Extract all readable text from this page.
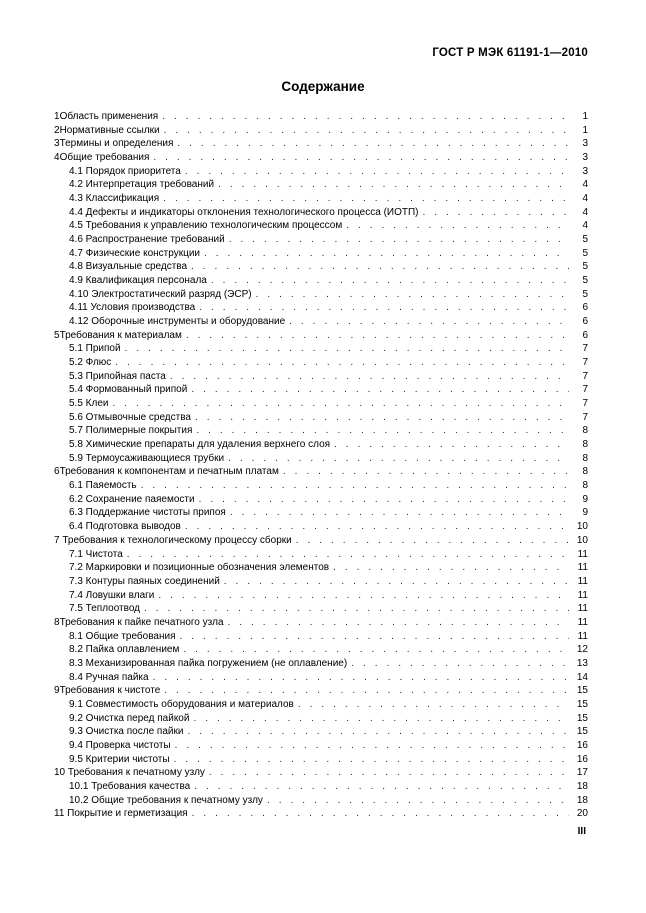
ГОСТ Р МЭК 61191-1—2010
Содержание
1 Область применения . . .	1
2 Нормативные ссылки . . .	1
3 Термины и определения . . .	3
4 Общие требования . . .	3
4.1 Порядок приоритета . . .	3
4.2 Интерпретация требований . . .	4
4.3 Классификация . . .	4
4.4 Дефекты и индикаторы отклонения технологического процесса (ИОТП) . . .	4
4.5 Требования к управлению технологическим процессом . . .	4
4.6 Распространение требований . . .	5
4.7 Физические конструкции . . .	5
4.8 Визуальные средства . . .	5
4.9 Квалификация персонала . . .	5
4.10 Электростатический разряд (ЭСР) . . .	5
4.11 Условия производства . . .	6
4.12 Оборочные инструменты и оборудование . . .	6
5 Требования к материалам . . .	6
5.1 Припой . . .	7
5.2 Флюс . . .	7
5.3 Припойная паста . . .	7
5.4 Формованный припой . . .	7
5.5 Клеи . . .	7
5.6 Отмывочные средства . . .	7
5.7 Полимерные покрытия . . .	8
5.8 Химические препараты для удаления верхнего слоя . . .	8
5.9 Термоусаживающиеся трубки . . .	8
6 Требования к компонентам и печатным платам . . .	8
6.1 Паяемость . . .	8
6.2 Сохранение паяемости . . .	9
6.3 Поддержание чистоты припоя . . .	9
6.4 Подготовка выводов . . .	10
7 Требования к технологическому процессу сборки . . .	10
7.1 Чистота . . .	11
7.2 Маркировки и позиционные обозначения элементов . . .	11
7.3 Контуры паяных соединений . . .	11
7.4 Ловушки влаги . . .	11
7.5 Теплоотвод . . .	11
8 Требования к пайке печатного узла . . .	11
8.1 Общие требования . . .	11
8.2 Пайка оплавлением . . .	12
8.3 Механизированная пайка погружением (не оплавление) . . .	13
8.4 Ручная пайка . . .	14
9 Требования к чистоте . . .	15
9.1 Совместимость оборудования и материалов . . .	15
9.2 Очистка перед пайкой . . .	15
9.3 Очистка после пайки . . .	15
9.4 Проверка чистоты . . .	16
9.5 Критерии чистоты . . .	16
10 Требования к печатному узлу . . .	17
10.1 Требования качества . . .	18
10.2 Общие требования к печатному узлу . . .	18
11 Покрытие и герметизация . . .	20
III
